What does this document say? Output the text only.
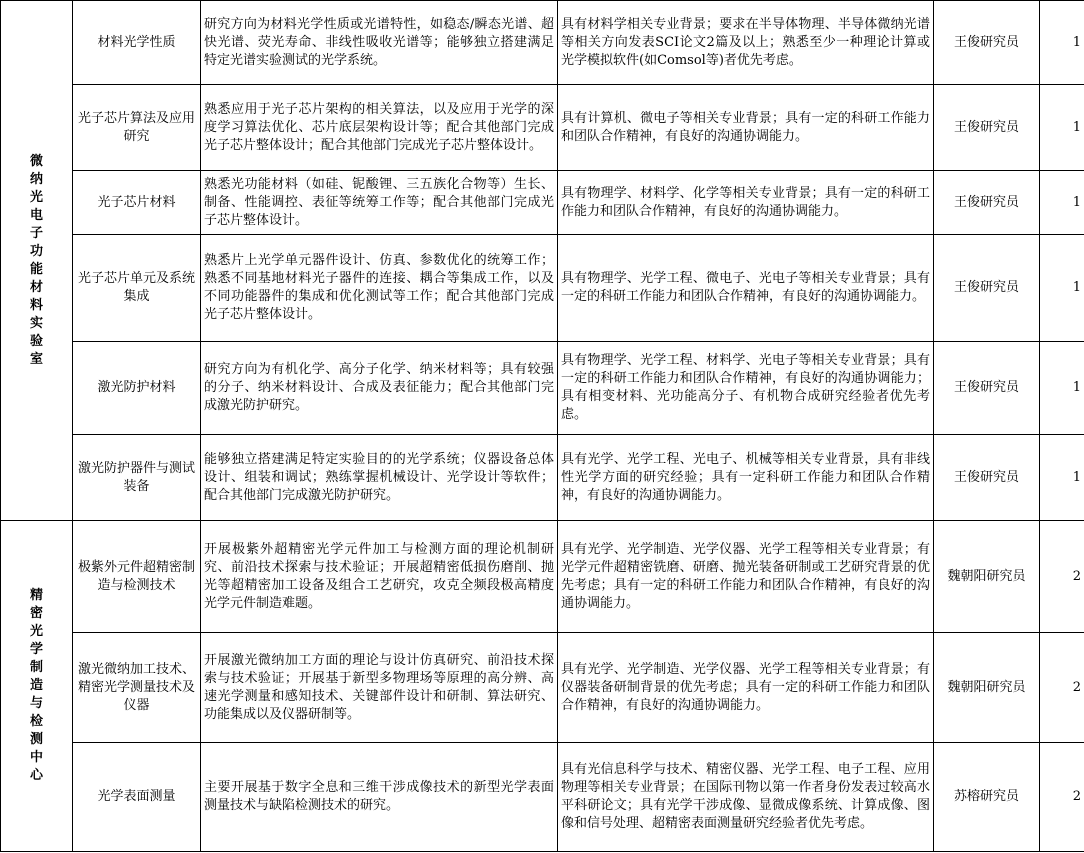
微纳光电子功能材料实验室	材料光学性质	研究方向为材料光学性质或光谱特性，如稳态/瞬态光谱、超快光谱、荧光寿命、非线性吸收光谱等；能够独立搭建满足特定光谱实验测试的光学系统。	具有材料学相关专业背景；要求在半导体物理、半导体微纳光谱等相关方向发表SCI论文2篇及以上；熟悉至少一种理论计算或光学模拟软件(如Comsol等)者优先考虑。	王俊研究员	1

	光子芯片算法及应用研究	熟悉应用于光子芯片架构的相关算法，以及应用于光学的深度学习算法优化、芯片底层架构设计等；配合其他部门完成光子芯片整体设计；配合其他部门完成光子芯片整体设计。	具有计算机、微电子等相关专业背景；具有一定的科研工作能力和团队合作精神，有良好的沟通协调能力。	王俊研究员	1

	光子芯片材料	熟悉光功能材料（如硅、铌酸锂、三五族化合物等）生长、制备、性能调控、表征等统筹工作等；配合其他部门完成光子芯片整体设计。	具有物理学、材料学、化学等相关专业背景；具有一定的科研工作能力和团队合作精神，有良好的沟通协调能力。	王俊研究员	1

	光子芯片单元及系统集成	熟悉片上光学单元器件设计、仿真、参数优化的统筹工作；熟悉不同基地材料光子器件的连接、耦合等集成工作，以及不同功能器件的集成和优化测试等工作；配合其他部门完成光子芯片整体设计。	具有物理学、光学工程、微电子、光电子等相关专业背景；具有一定的科研工作能力和团队合作精神，有良好的沟通协调能力。	王俊研究员	1

	激光防护材料	研究方向为有机化学、高分子化学、纳米材料等；具有较强的分子、纳米材料设计、合成及表征能力；配合其他部门完成激光防护研究。	具有物理学、光学工程、材料学、光电子等相关专业背景；具有一定的科研工作能力和团队合作精神，有良好的沟通协调能力；具有相变材料、光功能高分子、有机物合成研究经验者优先考虑。	王俊研究员	1

	激光防护器件与测试装备	能够独立搭建满足特定实验目的的光学系统；仪器设备总体设计、组装和调试；熟练掌握机械设计、光学设计等软件；配合其他部门完成激光防护研究。	具有光学、光学工程、光电子、机械等相关专业背景，具有非线性光学方面的研究经验；具有一定科研工作能力和团队合作精神，有良好的沟通协调能力。	王俊研究员	1

精密光学制造与检测中心	极紫外元件超精密制造与检测技术	开展极紫外超精密光学元件加工与检测方面的理论机制研究、前沿技术探索与技术验证；开展超精密低损伤磨削、抛光等超精密加工设备及组合工艺研究，攻克全频段极高精度光学元件制造难题。	具有光学、光学制造、光学仪器、光学工程等相关专业背景；有光学元件超精密铣磨、研磨、抛光装备研制或工艺研究背景的优先考虑；具有一定的科研工作能力和团队合作精神，有良好的沟通协调能力。	魏朝阳研究员	2

	激光微纳加工技术、精密光学测量技术及仪器	开展激光微纳加工方面的理论与设计仿真研究、前沿技术探索与技术验证；开展基于新型多物理场等原理的高分辨、高速光学测量和感知技术、关键部件设计和研制、算法研究、功能集成以及仪器研制等。	具有光学、光学制造、光学仪器、光学工程等相关专业背景；有仪器装备研制背景的优先考虑；具有一定的科研工作能力和团队合作精神，有良好的沟通协调能力。	魏朝阳研究员	2

	光学表面测量	主要开展基于数字全息和三维干涉成像技术的新型光学表面测量技术与缺陷检测技术的研究。	具有光信息科学与技术、精密仪器、光学工程、电子工程、应用物理等相关专业背景；在国际刊物以第一作者身份发表过较高水平科研论文；具有光学干涉成像、显微成像系统、计算成像、图像和信号处理、超精密表面测量研究经验者优先考虑。	苏榕研究员	2
